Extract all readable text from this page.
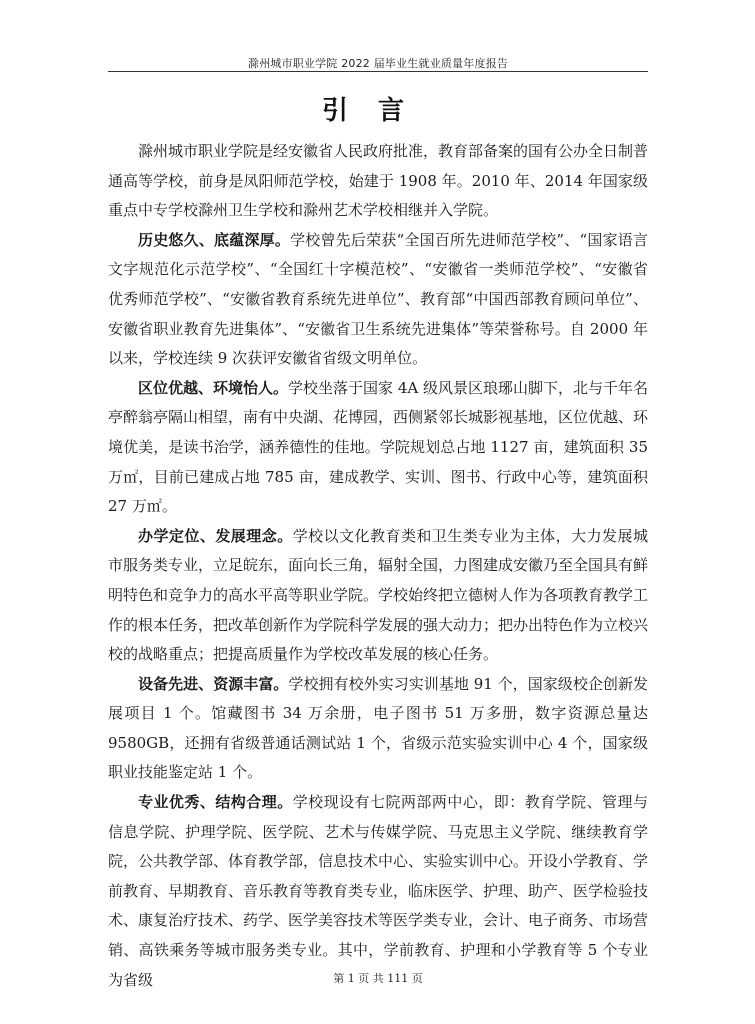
滁州城市职业学院 2022 届毕业生就业质量年度报告
引言

滁州城市职业学院是经安徽省人民政府批准，教育部备案的国有公办全日制普通高等学校，前身是凤阳师范学校，始建于 1908 年。2010 年、2014 年国家级重点中专学校滁州卫生学校和滁州艺术学校相继并入学院。

历史悠久、底蕴深厚。学校曾先后荣获“全国百所先进师范学校”、“国家语言文字规范化示范学校”、“全国红十字模范校”、“安徽省一类师范学校”、“安徽省优秀师范学校”、“安徽省教育系统先进单位”、教育部“中国西部教育顾问单位”、安徽省职业教育先进集体”、“安徽省卫生系统先进集体”等荣誉称号。自 2000 年以来，学校连续 9 次获评安徽省省级文明单位。

区位优越、环境怡人。学校坐落于国家 4A 级风景区琅琊山脚下，北与千年名亭醉翁亭隔山相望，南有中央湖、花博园，西侧紧邻长城影视基地，区位优越、环境优美，是读书治学，涵养德性的佳地。学院规划总占地 1127 亩，建筑面积 35 万㎡，目前已建成占地 785 亩，建成教学、实训、图书、行政中心等，建筑面积 27 万㎡。

办学定位、发展理念。学校以文化教育类和卫生类专业为主体，大力发展城市服务类专业，立足皖东，面向长三角，辐射全国，力图建成安徽乃至全国具有鲜明特色和竞争力的高水平高等职业学院。学校始终把立德树人作为各项教育教学工作的根本任务，把改革创新作为学院科学发展的强大动力；把办出特色作为立校兴校的战略重点；把提高质量作为学校改革发展的核心任务。

设备先进、资源丰富。学校拥有校外实习实训基地 91 个，国家级校企创新发展项目 1 个。馆藏图书 34 万余册，电子图书 51 万多册，数字资源总量达 9580GB，还拥有省级普通话测试站 1 个，省级示范实验实训中心 4 个，国家级职业技能鉴定站 1 个。

专业优秀、结构合理。学校现设有七院两部两中心，即：教育学院、管理与信息学院、护理学院、医学院、艺术与传媒学院、马克思主义学院、继续教育学院，公共教学部、体育教学部，信息技术中心、实验实训中心。开设小学教育、学前教育、早期教育、音乐教育等教育类专业，临床医学、护理、助产、医学检验技术、康复治疗技术、药学、医学美容技术等医学类专业，会计、电子商务、市场营销、高铁乘务等城市服务类专业。其中，学前教育、护理和小学教育等 5 个专业为省级	第 1 页 共 111 页
